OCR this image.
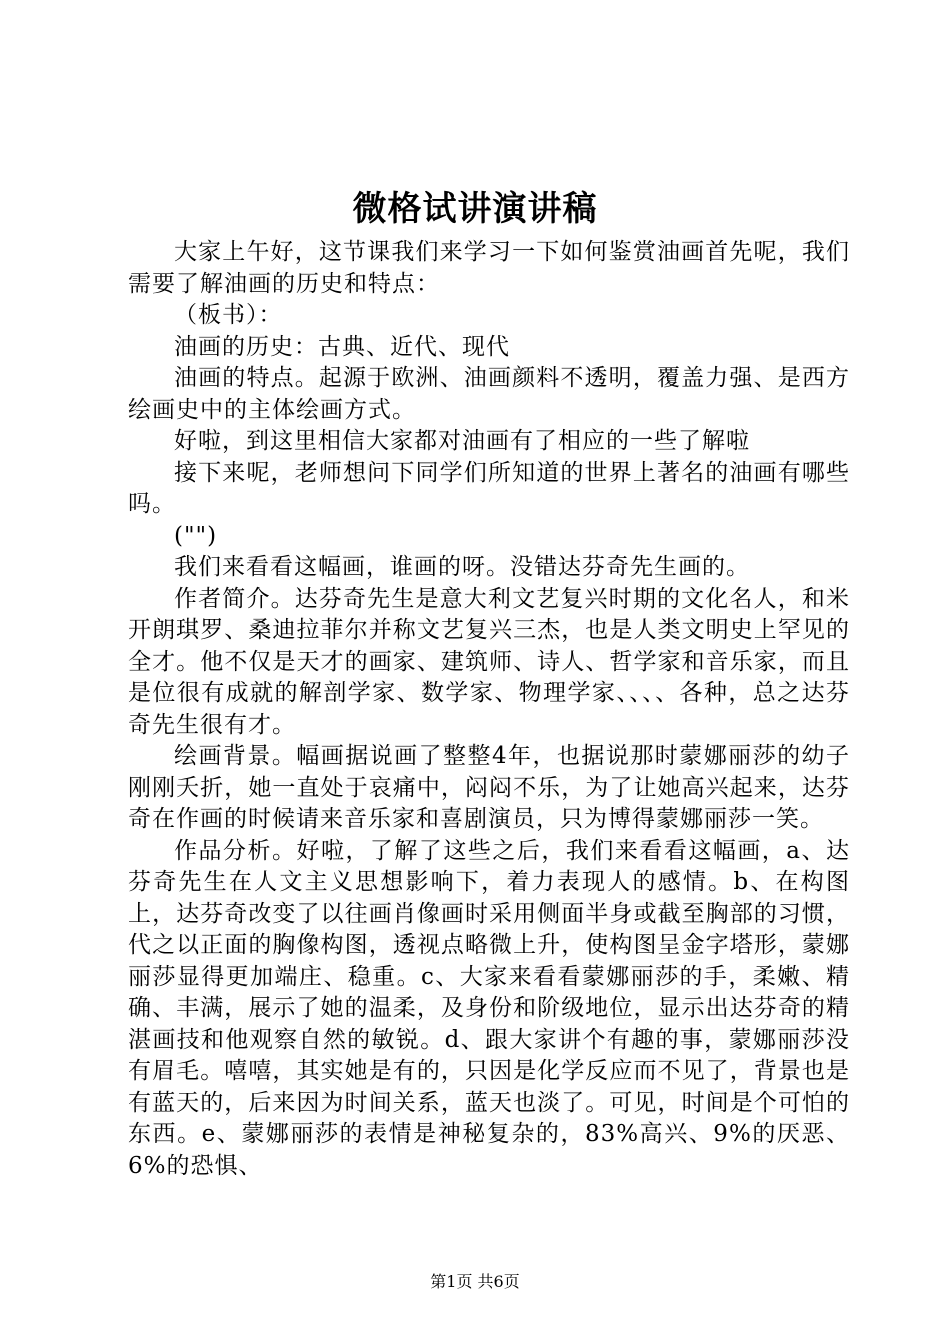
微格试讲演讲稿

大家上午好，这节课我们来学习一下如何鉴赏油画首先呢，我们需要了解油画的历史和特点：

（板书）：

油画的历史：古典、近代、现代

油画的特点。起源于欧洲、油画颜料不透明，覆盖力强、是西方绘画史中的主体绘画方式。

好啦，到这里相信大家都对油画有了相应的一些了解啦

接下来呢，老师想问下同学们所知道的世界上著名的油画有哪些吗。

("")

我们来看看这幅画，谁画的呀。没错达芬奇先生画的。

作者简介。达芬奇先生是意大利文艺复兴时期的文化名人，和米开朗琪罗、桑迪拉菲尔并称文艺复兴三杰，也是人类文明史上罕见的全才。他不仅是天才的画家、建筑师、诗人、哲学家和音乐家，而且是位很有成就的解剖学家、数学家、物理学家、、、、各种，总之达芬奇先生很有才。

绘画背景。幅画据说画了整整4年，也据说那时蒙娜丽莎的幼子刚刚夭折，她一直处于哀痛中，闷闷不乐，为了让她高兴起来，达芬奇在作画的时候请来音乐家和喜剧演员，只为博得蒙娜丽莎一笑。

作品分析。好啦，了解了这些之后，我们来看看这幅画，a、达芬奇先生在人文主义思想影响下，着力表现人的感情。b、在构图上，达芬奇改变了以往画肖像画时采用侧面半身或截至胸部的习惯，代之以正面的胸像构图，透视点略微上升，使构图呈金字塔形，蒙娜丽莎显得更加端庄、稳重。c、大家来看看蒙娜丽莎的手，柔嫩、精确、丰满，展示了她的温柔，及身份和阶级地位，显示出达芬奇的精湛画技和他观察自然的敏锐。d、跟大家讲个有趣的事，蒙娜丽莎没有眉毛。嘻嘻，其实她是有的，只因是化学反应而不见了，背景也是有蓝天的，后来因为时间关系，蓝天也淡了。可见，时间是个可怕的东西。e、蒙娜丽莎的表情是神秘复杂的，83%高兴、9%的厌恶、6%的恐惧、

第1页 共6页
